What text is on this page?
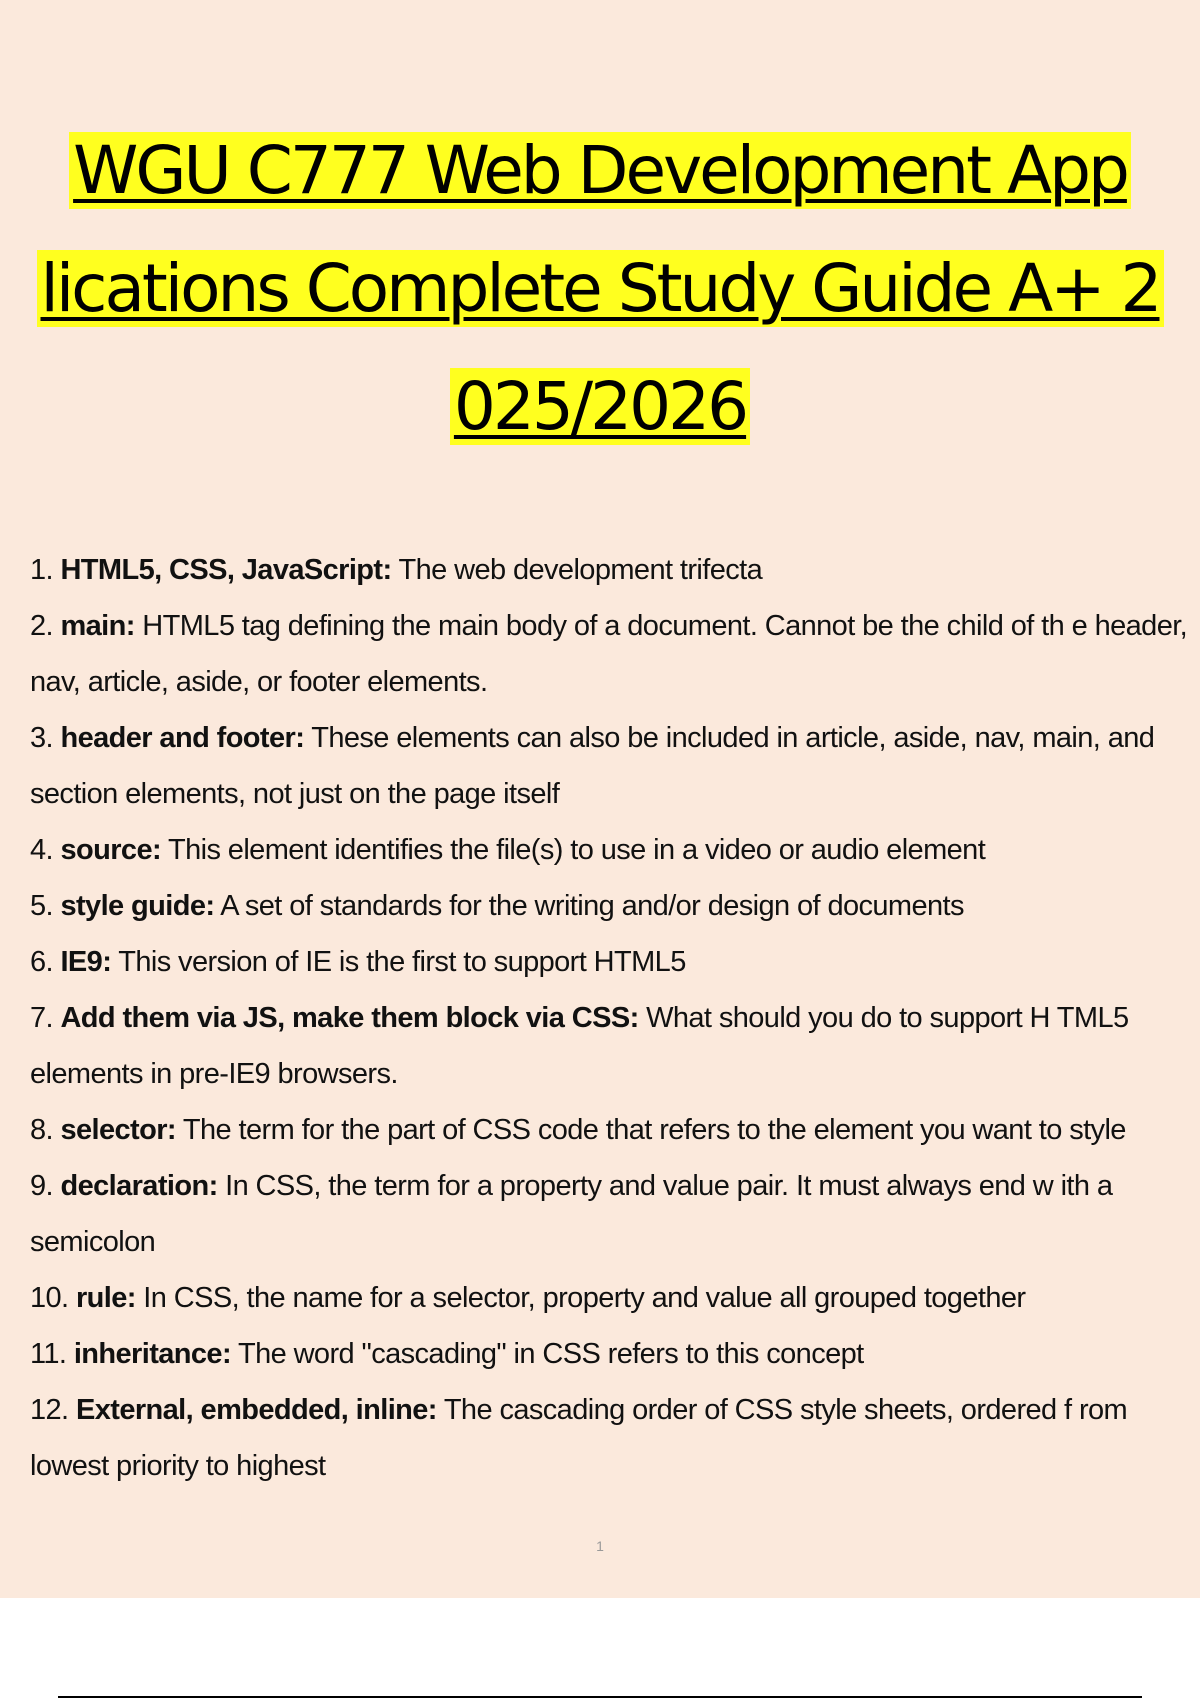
WGU C777 Web Development App
lications Complete Study Guide A+ 2
025/2026
1. HTML5, CSS, JavaScript: The web development trifecta
2. main: HTML5 tag defining the main body of a document. Cannot be the child of th e header, nav, article, aside, or footer elements.
3. header and footer: These elements can also be included in article, aside, nav, main, and section elements, not just on the page itself
4. source: This element identifies the file(s) to use in a video or audio element
5. style guide: A set of standards for the writing and/or design of documents
6. IE9: This version of IE is the first to support HTML5
7. Add them via JS, make them block via CSS: What should you do to support H TML5 elements in pre-IE9 browsers.
8. selector: The term for the part of CSS code that refers to the element you want to style
9. declaration: In CSS, the term for a property and value pair. It must always end w ith a semicolon
10. rule: In CSS, the name for a selector, property and value all grouped together
11. inheritance: The word "cascading" in CSS refers to this concept
12. External, embedded, inline: The cascading order of CSS style sheets, ordered f rom lowest priority to highest
1
